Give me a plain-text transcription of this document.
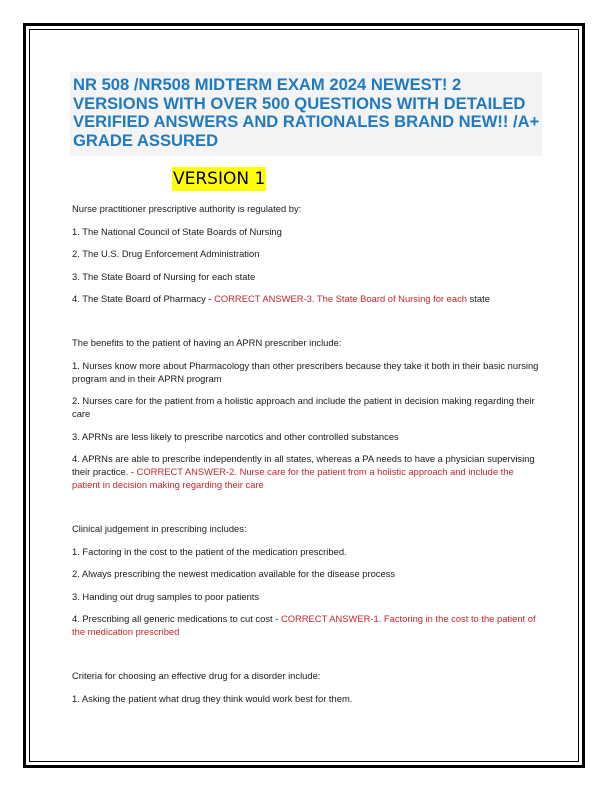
NR 508 /NR508 MIDTERM EXAM 2024 NEWEST! 2 VERSIONS WITH OVER 500 QUESTIONS WITH DETAILED VERIFIED ANSWERS AND RATIONALES BRAND NEW!! /A+ GRADE ASSURED
VERSION 1

Nurse practitioner prescriptive authority is regulated by:

1. The National Council of State Boards of Nursing

2. The U.S. Drug Enforcement Administration

3. The State Board of Nursing for each state

4. The State Board of Pharmacy - CORRECT ANSWER-3. The State Board of Nursing for each state

The benefits to the patient of having an APRN prescriber include:

1. Nurses know more about Pharmacology than other prescribers because they take it both in their basic nursing program and in their APRN program

2. Nurses care for the patient from a holistic approach and include the patient in decision making regarding their care

3. APRNs are less likely to prescribe narcotics and other controlled substances

4. APRNs are able to prescribe independently in all states, whereas a PA needs to have a physician supervising their practice. - CORRECT ANSWER-2. Nurse care for the patient from a holistic approach and include the patient in decision making regarding their care

Clinical judgement in prescribing includes:

1. Factoring in the cost to the patient of the medication prescribed.

2. Always prescribing the newest medication available for the disease process

3. Handing out drug samples to poor patients

4. Prescribing all generic medications to cut cost - CORRECT ANSWER-1. Factoring in the cost to the patient of the medication prescribed

Criteria for choosing an effective drug for a disorder include:

1. Asking the patient what drug they think would work best for them.
